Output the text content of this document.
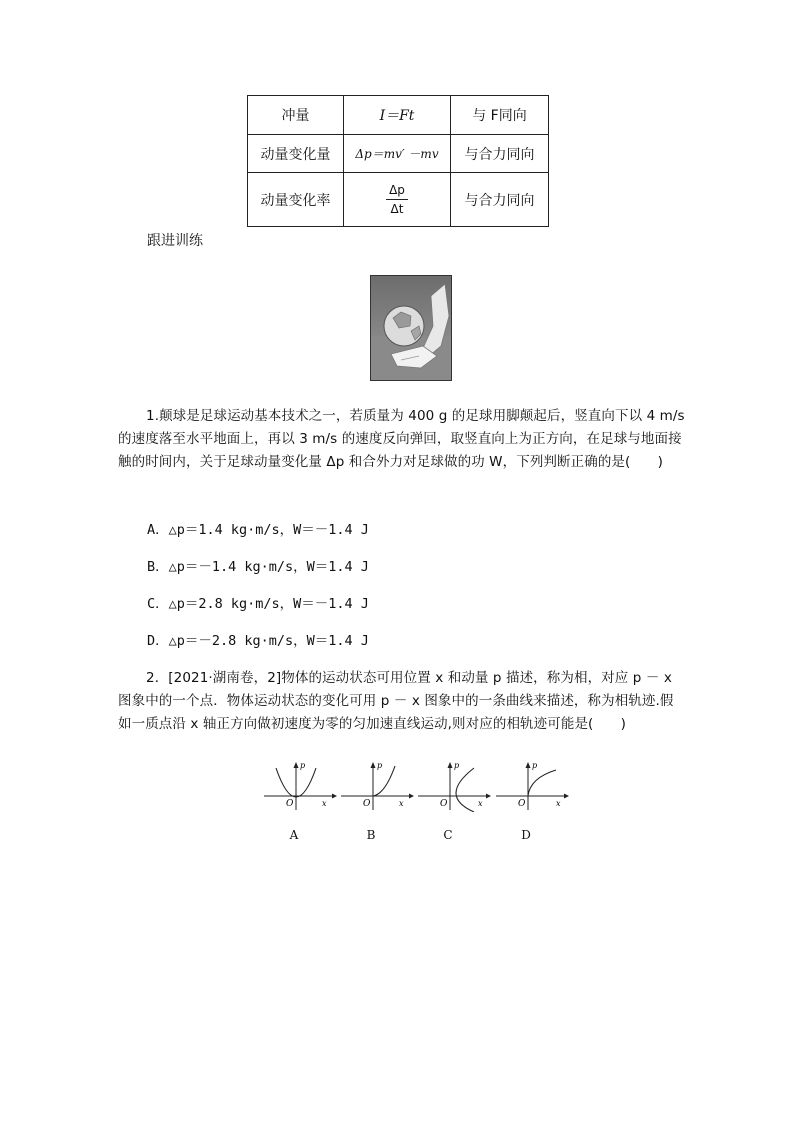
冲量	I＝Ft	与 F同向
动量变化量	Δp＝mv′ －mv	与合力同向
动量变化率	$\frac{\Delta p}{\Delta t}$	与合力同向
跟进训练
1.颠球是足球运动基本技术之一，若质量为 400 g 的足球用脚颠起后，竖直向下以 4 m/s 的速度落至水平地面上，再以 3 m/s 的速度反向弹回，取竖直向上为正方向，在足球与地面接触的时间内，关于足球动量变化量 Δp 和合外力对足球做的功 W，下列判断正确的是(　　)
A．△p＝1.4 kg·m/s，W＝－1.4 J
B．△p＝－1.4 kg·m/s，W＝1.4 J
C．△p＝2.8 kg·m/s，W＝－1.4 J
D．△p＝－2.8 kg·m/s，W＝1.4 J
2．[2021·湖南卷，2]物体的运动状态可用位置 x 和动量 p 描述，称为相，对应 p － x 图象中的一个点．物体运动状态的变化可用 p － x 图象中的一条曲线来描述，称为相轨迹.假如一质点沿 x 轴正方向做初速度为零的匀加速直线运动,则对应的相轨迹可能是(　　)
p
x
O
p
x
O
p
x
O
p
x
O
A	B	C	D
